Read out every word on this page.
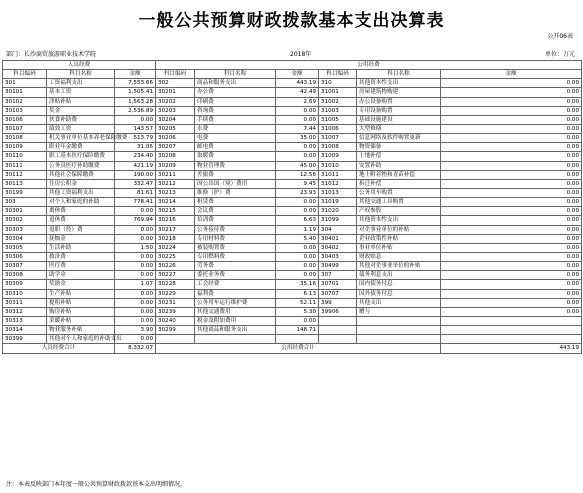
一般公共预算财政拨款基本支出决算表
公开06表
部门：长沙商贸旅游职业技术学院	2018年	单位：万元
人员经费			公用经费					
科目编码	科目名称	金额	科目编码	科目名称	金额	科目编码	科目名称	金额
301	工资福利支出	7,553.66	302	商品和服务支出	443.19	310	其他资本性支出	0.00
30101	基本工资	1,505.41	30201	办公费	42.49	31001	房屋建筑物购建	0.00
30102	津贴补贴	1,563.28	30202	印刷费	2.69	31002	办公设备购置	0.00
30103	奖金	2,536.89	30203	咨询费	0.00	31003	专用设备购置	0.00
30106	伙食补助费	0.00	30204	手续费	0.00	31005	基础设施建设	0.00
30107	绩效工资	143.57	30205	水费	7.44	31006	大型修缮	0.00
30108	机关事业单位基本养老保险缴费	513.79	30206	电费	35.00	31007	信息网络及软件购置更新	0.00
30109	职业年金缴费	31.05	30207	邮电费	0.00	31008	物资储备	0.00
30110	职工基本医疗保险缴费	234.40	30208	取暖费	0.00	31009	土地补偿	0.00
30111	公务员医疗补助缴费	421.19	30209	物业管理费	45.00	31010	安置补助	0.00
30112	其他社会保障缴费	190.00	30211	差旅费	12.56	31011	地上附着物和青苗补偿	0.00
30113	住房公积金	332.47	30212	因公出国（境）费用	9.45	31012	拆迁补偿	0.00
30199	其他工资福利支出	81.61	30213	维修（护）费	23.93	31013	公务用车购置	0.00
303	对个人和家庭的补助	778.41	30214	租赁费	0.00	31019	其他交通工具购置	0.00
30301	离休费	0.00	30215	会议费	0.00	31020	产权参股	0.00
30302	退休费	769.94	30216	培训费	6.63	31099	其他资本性支出	0.00
30303	退职（役）费	0.00	30217	公务接待费	1.19	304	对企事业单位的补贴	0.00
30304	抚恤金	0.00	30218	专用材料费	5.40	30401	企业政策性补贴	0.00
30305	生活补助	1.50	30224	被装购置费	0.00	30402	事业单位补贴	0.00
30306	救济费	0.00	30225	专用燃料费	0.00	30403	财政贴息	0.00
30307	医疗费	0.00	30226	劳务费	0.00	30499	其他对企事业单位的补贴	0.00
30308	助学金	0.00	30227	委托业务费	0.00	307	债务利息支出	0.00
30309	奖励金	1.07	30228	工会经费	35.16	30701	国内债务付息	0.00
30310	生产补贴	0.00	30229	福利费	6.13	30707	国外债务付息	0.00
30311	提租补贴	0.00	30231	公务用车运行维护费	52.11	399	其他支出	0.00
30312	购房补贴	0.00	30239	其他交通费用	5.30	39906	赠与	0.00
30313	采暖补贴	0.00	30240	税金及附加费用	0.00			
30314	物业服务补贴	3.90	30299	其他商品和服务支出	148.71			
30399	其他对个人和家庭的补助支出	0.00						
人员经费合计		8,332.07	公用经费合计					443.19
注：本表反映部门本年度一般公共预算财政拨款基本支出明细情况。
